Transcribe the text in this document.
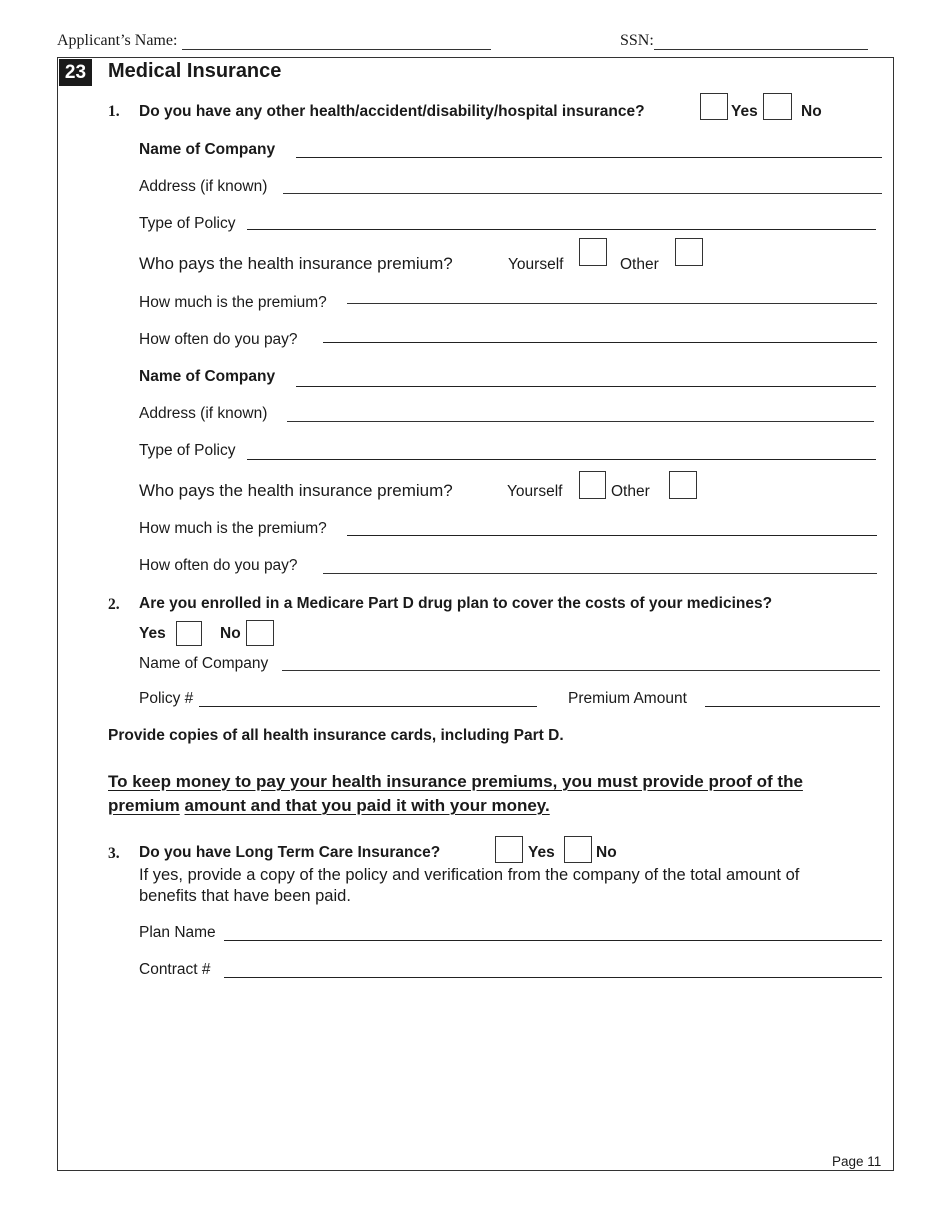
Applicant’s Name:	SSN:
23 Medical Insurance
1. Do you have any other health/accident/disability/hospital insurance?	Yes	No
Name of Company
Address (if known)
Type of Policy
Who pays the health insurance premium?	Yourself	Other
How much is the premium?
How often do you pay?
Name of Company
Address (if known)
Type of Policy
Who pays the health insurance premium?	Yourself	Other
How much is the premium?
How often do you pay?
2. Are you enrolled in a Medicare Part D drug plan to cover the costs of your medicines?
Yes	No
Name of Company
Policy #	Premium Amount
Provide copies of all health insurance cards, including Part D.
To keep money to pay your health insurance premiums, you must provide proof of the
premium amount and that you paid it with your money.
3. Do you have Long Term Care Insurance?	Yes	No
If yes, provide a copy of the policy and verification from the company of the total amount of
benefits that have been paid.
Plan Name
Contract #
Page 11
